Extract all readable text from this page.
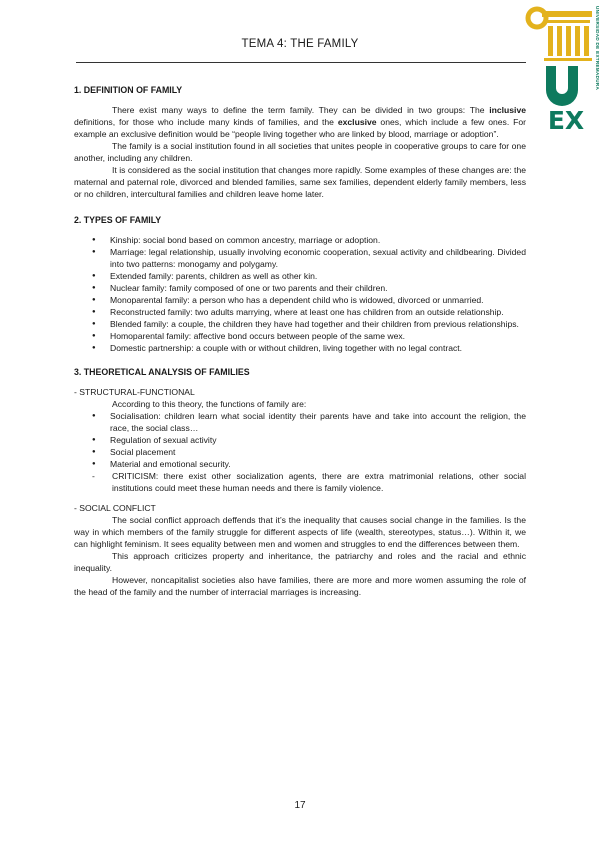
EX
UNIVERSIDAD DE EXTREMADURA
TEMA 4: THE FAMILY
1. DEFINITION OF FAMILY

There exist many ways to define the term family. They can be divided in two groups: The inclusive definitions, for those who include many kinds of families, and the exclusive ones, which include a few ones. For example an exclusive definition would be “people living together who are linked by blood, marriage or adoption”.

The family is a social institution found in all societies that unites people in cooperative groups to care for one another, including any children.

It is considered as the social institution that changes more rapidly. Some examples of these changes are: the maternal and paternal role, divorced and blended families, same sex families, dependent elderly family members, less or no children, intercultural families and children leave home later.

2. TYPES OF FAMILY
● Kinship: social bond based on common ancestry, marriage or adoption.
● Marriage: legal relationship, usually involving economic cooperation, sexual activity and childbearing. Divided into two patterns: monogamy and polygamy.
● Extended family: parents, children as well as other kin.
● Nuclear family: family composed of one or two parents and their children.
● Monoparental family: a person who has a dependent child who is widowed, divorced or unmarried.
● Reconstructed family: two adults marrying, where at least one has children from an outside relationship.
● Blended family: a couple, the children they have had together and their children from previous relationships.
● Homoparental family: affective bond occurs between people of the same wex.
● Domestic partnership: a couple with or without children, living together with no legal contract.
3. THEORETICAL ANALYSIS OF FAMILIES

- STRUCTURAL-FUNCTIONAL

According to this theory, the functions of family are:

● Socialisation: children learn what social identity their parents have and take into account the religion, the race, the social class…
● Regulation of sexual activity
● Social placement
● Material and emotional security.
- CRITICISM: there exist other socialization agents, there are extra matrimonial relations, other social institutions could meet these human needs and there is family violence.

- SOCIAL CONFLICT

The social conflict approach deffends that it’s the inequality that causes social change in the families. Is the way in which members of the family struggle for different aspects of life (wealth, stereotypes, status…). Within it, we can highlight feminism. It sees equality between men and women and struggles to end the differences between them.

This approach criticizes property and inheritance, the patriarchy and roles and the racial and ethnic inequality.

However, noncapitalist societies also have families, there are more and more women assuming the role of the head of the family and the number of interracial marriages is increasing.

17
